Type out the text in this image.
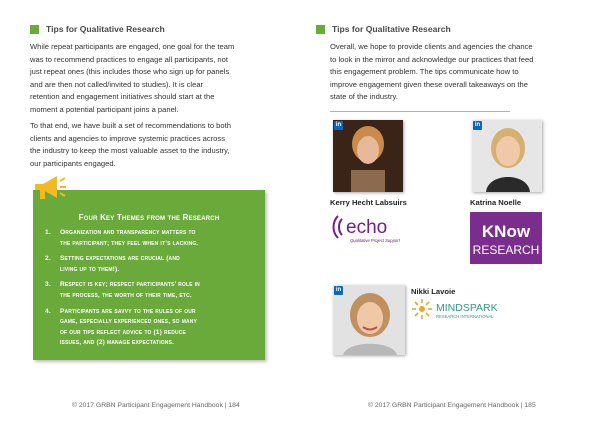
Tips for Qualitative Research
While repeat participants are engaged, one goal for the team
was to recommend practices to engage all participants, not
just repeat ones (this includes those who sign up for panels
and are then not called/invited to studies). It is clear
retention and engagement initiatives should start at the
moment a potential participant joins a panel.
To that end, we have built a set of recommendations to both
clients and agencies to improve systemic practices across
the industry to keep the most valuable asset to the industry,
our participants engaged.
Four Key Themes from the Research
1. Organization and transparency matters to
the participant; they feel when it’s lacking.
2. Setting expectations are crucial (and
living up to them!).
3. Respect is key; respect participants’ role in
the process, the worth of their time, etc.
4. Participants are savvy to the rules of our
game, especially experienced ones, so many
of our tips reflect advice to (1) reduce
issues, and (2) manage expectations.
© 2017 GRBN Participant Engagement Handbook | 184
Tips for Qualitative Research
Overall, we hope to provide clients and agencies the chance
to look in the mirror and acknowledge our practices that feed
this engagement problem. The tips communicate how to
improve engagement given these overall takeaways on the
state of the industry.
in
Kerry Hecht Labsuirs
echo
Qualitative Project Support
in
Katrina Noelle
KNow
RESEARCH
in	Nikki Lavoie
MINDSPARK
RESEARCH INTERNATIONAL
© 2017 GRBN Participant Engagement Handbook | 185
